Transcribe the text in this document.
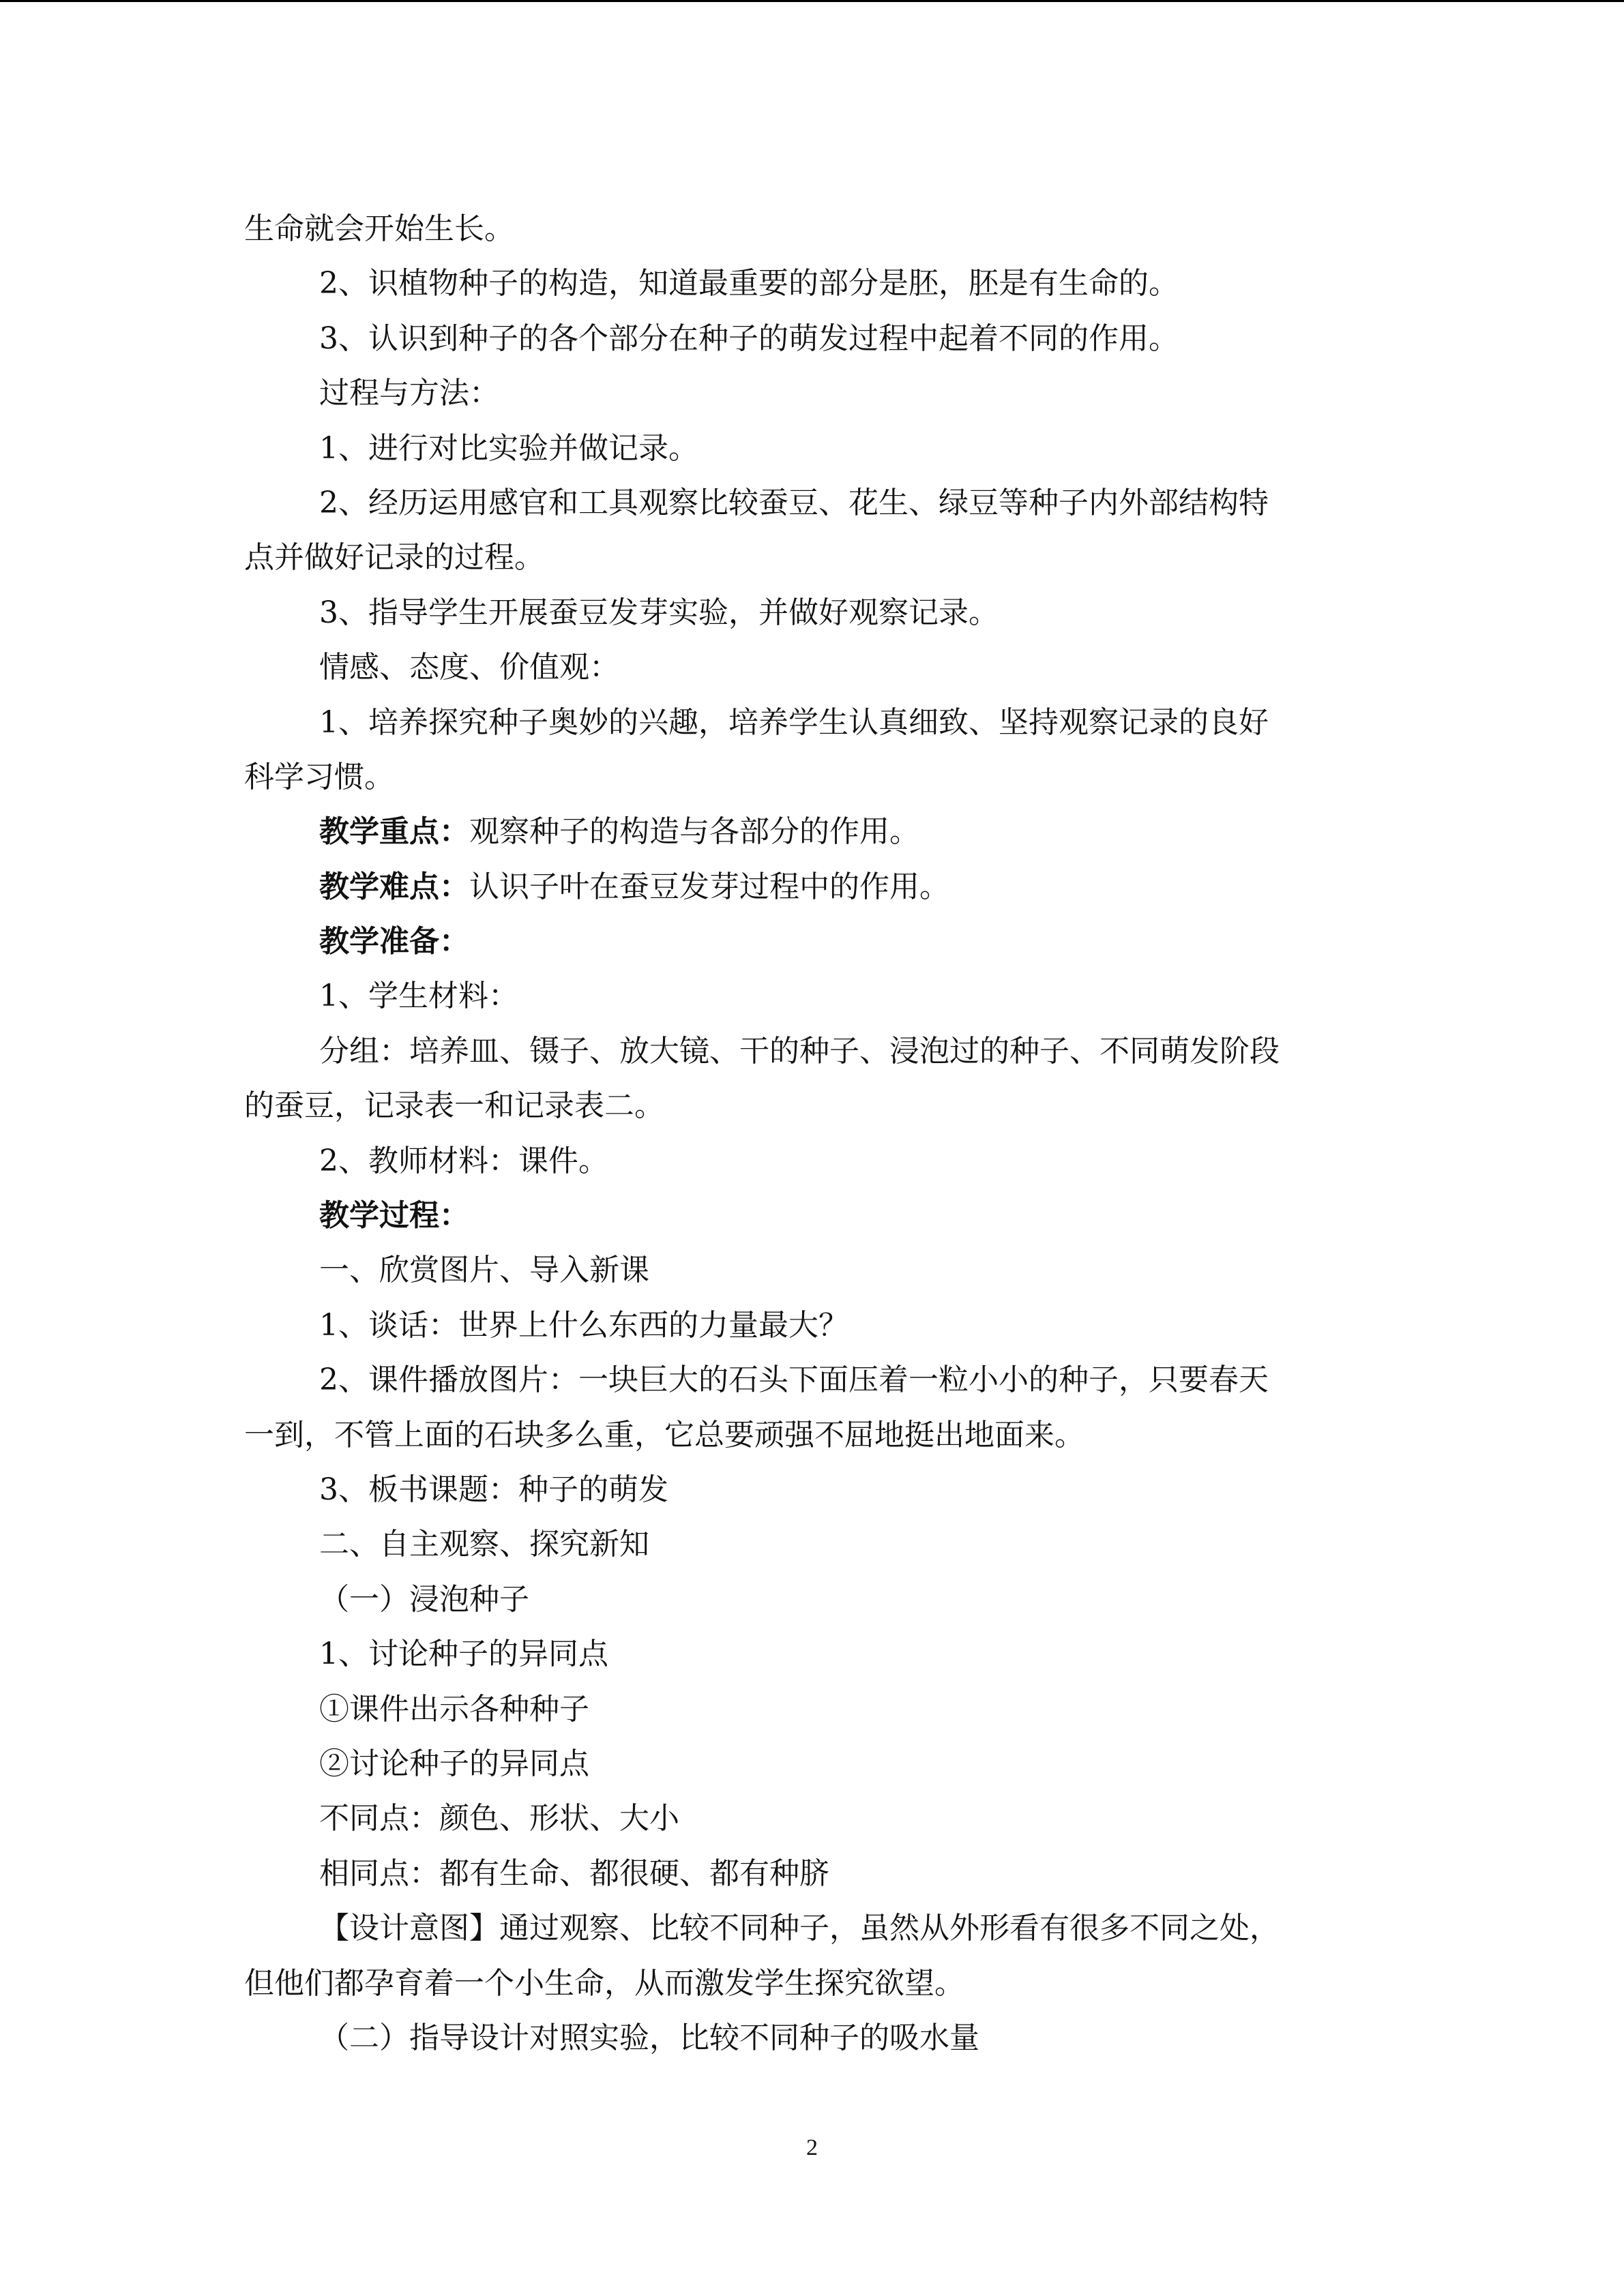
生命就会开始生长。

2、识植物种子的构造，知道最重要的部分是胚，胚是有生命的。

3、认识到种子的各个部分在种子的萌发过程中起着不同的作用。

过程与方法：

1、进行对比实验并做记录。

2、经历运用感官和工具观察比较蚕豆、花生、绿豆等种子内外部结构特

点并做好记录的过程。

3、指导学生开展蚕豆发芽实验，并做好观察记录。

情感、态度、价值观：

1、培养探究种子奥妙的兴趣，培养学生认真细致、坚持观察记录的良好

科学习惯。

教学重点：观察种子的构造与各部分的作用。

教学难点：认识子叶在蚕豆发芽过程中的作用。

教学准备：

1、学生材料：

分组：培养皿、镊子、放大镜、干的种子、浸泡过的种子、不同萌发阶段

的蚕豆，记录表一和记录表二。

2、教师材料：课件。

教学过程：

一、欣赏图片、导入新课

1、谈话：世界上什么东西的力量最大？

2、课件播放图片：一块巨大的石头下面压着一粒小小的种子，只要春天

一到，不管上面的石块多么重，它总要顽强不屈地挺出地面来。

3、板书课题：种子的萌发

二、自主观察、探究新知

（一）浸泡种子

1、讨论种子的异同点

①课件出示各种种子

②讨论种子的异同点

不同点：颜色、形状、大小

相同点：都有生命、都很硬、都有种脐

【设计意图】通过观察、比较不同种子，虽然从外形看有很多不同之处，

但他们都孕育着一个小生命，从而激发学生探究欲望。

（二）指导设计对照实验，比较不同种子的吸水量

2
